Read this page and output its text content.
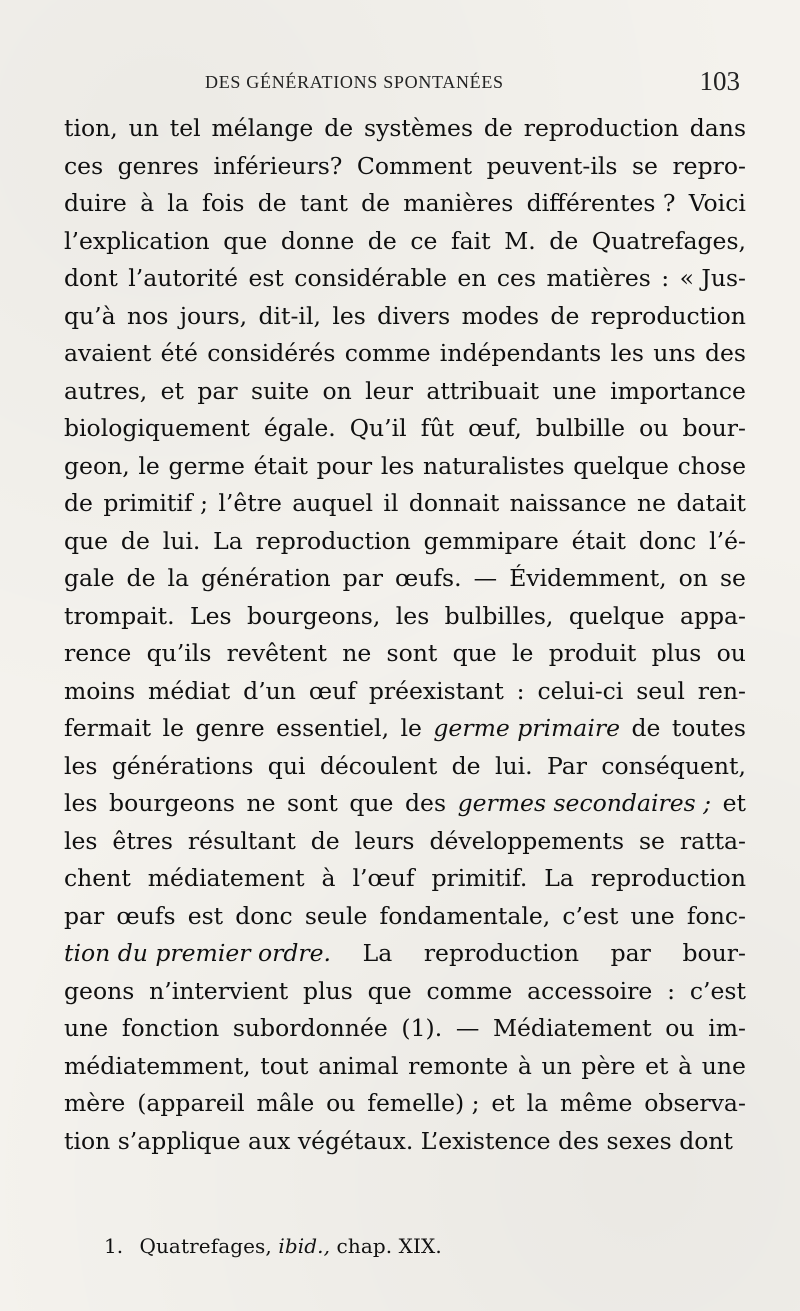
DES GÉNÉRATIONS SPONTANÉES	103
tion, un tel mélange de systèmes de reproduction dans
ces genres inférieurs? Comment peuvent-ils se repro-
duire à la fois de tant de manières différentes ? Voici
l’explication que donne de ce fait M. de Quatrefages,
dont l’autorité est considérable en ces matières : « Jus-
qu’à nos jours, dit-il, les divers modes de reproduction
avaient été considérés comme indépendants les uns des
autres, et par suite on leur attribuait une importance
biologiquement égale. Qu’il fût œuf, bulbille ou bour-
geon, le germe était pour les naturalistes quelque chose
de primitif ; l’être auquel il donnait naissance ne datait
que de lui. La reproduction gemmipare était donc l’é-
gale de la génération par œufs. — Évidemment, on se
trompait. Les bourgeons, les bulbilles, quelque appa-
rence qu’ils revêtent ne sont que le produit plus ou
moins médiat d’un œuf préexistant : celui-ci seul ren-
fermait le genre essentiel, le germe primaire de toutes
les générations qui découlent de lui. Par conséquent,
les bourgeons ne sont que des germes secondaires ; et
les êtres résultant de leurs développements se ratta-
chent médiatement à l’œuf primitif. La reproduction
par œufs est donc seule fondamentale, c’est une fonc-
tion du premier ordre. La reproduction par bour-
geons n’intervient plus que comme accessoire : c’est
une fonction subordonnée (1). — Médiatement ou im-
médiatemment, tout animal remonte à un père et à une
mère (appareil mâle ou femelle) ; et la même observa-
tion
s’applique
aux
végétaux.
L’existence
des
sexes
dont
1. Quatrefages, ibid., chap. XIX.
